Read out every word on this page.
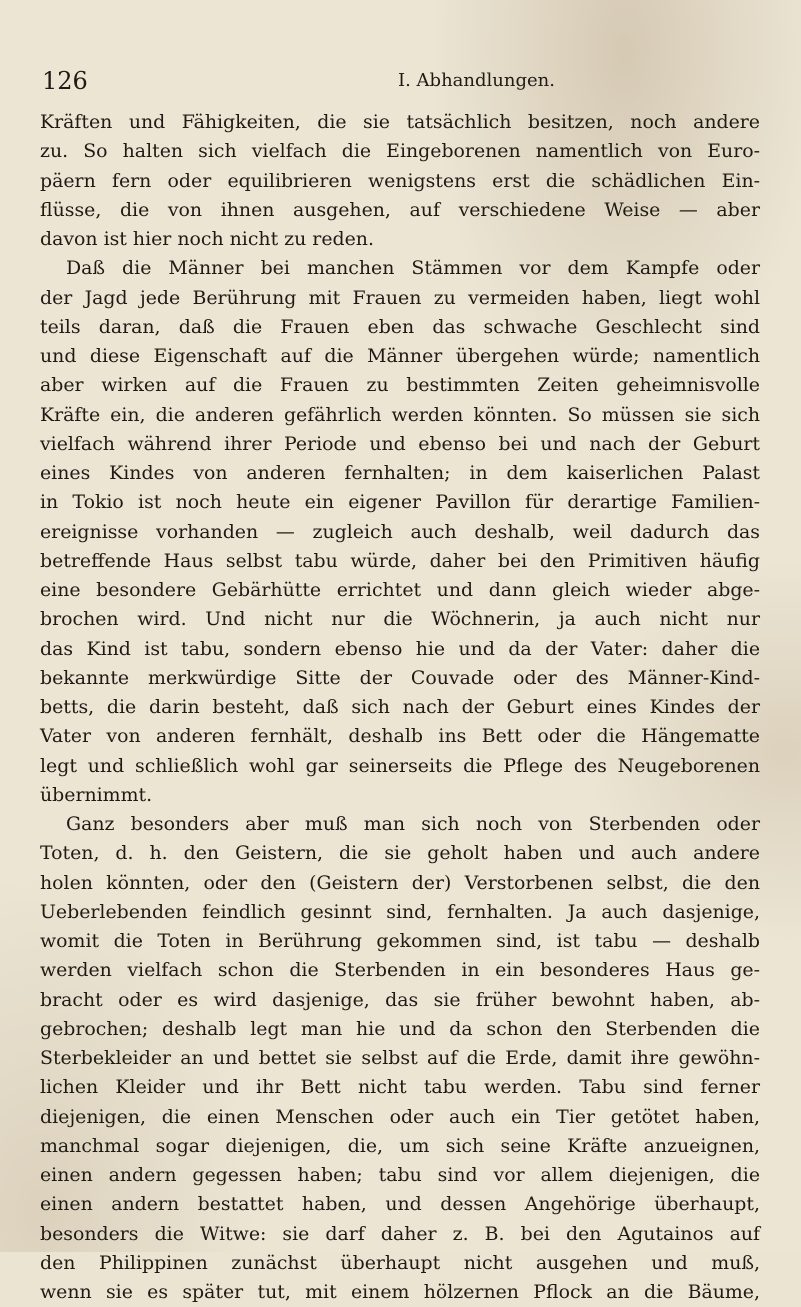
126	I. Abhandlungen.
Kräften und Fähigkeiten, die sie tatsächlich besitzen, noch andere
zu. So halten sich vielfach die Eingeborenen namentlich von Euro-
päern fern oder equilibrieren wenigstens erst die schädlichen Ein-
flüsse, die von ihnen ausgehen, auf verschiedene Weise — aber
davon ist hier noch nicht zu reden.
Daß die Männer bei manchen Stämmen vor dem Kampfe oder
der Jagd jede Berührung mit Frauen zu vermeiden haben, liegt wohl
teils daran, daß die Frauen eben das schwache Geschlecht sind
und diese Eigenschaft auf die Männer übergehen würde; namentlich
aber wirken auf die Frauen zu bestimmten Zeiten geheimnisvolle
Kräfte ein, die anderen gefährlich werden könnten. So müssen sie sich
vielfach während ihrer Periode und ebenso bei und nach der Geburt
eines Kindes von anderen fernhalten; in dem kaiserlichen Palast
in Tokio ist noch heute ein eigener Pavillon für derartige Familien-
ereignisse vorhanden — zugleich auch deshalb, weil dadurch das
betreffende Haus selbst tabu würde, daher bei den Primitiven häufig
eine besondere Gebärhütte errichtet und dann gleich wieder abge-
brochen wird. Und nicht nur die Wöchnerin, ja auch nicht nur
das Kind ist tabu, sondern ebenso hie und da der Vater: daher die
bekannte merkwürdige Sitte der Couvade oder des Männer-Kind-
betts, die darin besteht, daß sich nach der Geburt eines Kindes der
Vater von anderen fernhält, deshalb ins Bett oder die Hängematte
legt und schließlich wohl gar seinerseits die Pflege des Neugeborenen
übernimmt.
Ganz besonders aber muß man sich noch von Sterbenden oder
Toten, d. h. den Geistern, die sie geholt haben und auch andere
holen könnten, oder den (Geistern der) Verstorbenen selbst, die den
Ueberlebenden feindlich gesinnt sind, fernhalten. Ja auch dasjenige,
womit die Toten in Berührung gekommen sind, ist tabu — deshalb
werden vielfach schon die Sterbenden in ein besonderes Haus ge-
bracht oder es wird dasjenige, das sie früher bewohnt haben, ab-
gebrochen; deshalb legt man hie und da schon den Sterbenden die
Sterbekleider an und bettet sie selbst auf die Erde, damit ihre gewöhn-
lichen Kleider und ihr Bett nicht tabu werden. Tabu sind ferner
diejenigen, die einen Menschen oder auch ein Tier getötet haben,
manchmal sogar diejenigen, die, um sich seine Kräfte anzueignen,
einen andern gegessen haben; tabu sind vor allem diejenigen, die
einen andern bestattet haben, und dessen Angehörige überhaupt,
besonders die Witwe: sie darf daher z. B. bei den Agutainos auf
den Philippinen zunächst überhaupt nicht ausgehen und muß,
wenn sie es später tut, mit einem hölzernen Pflock an die Bäume,
